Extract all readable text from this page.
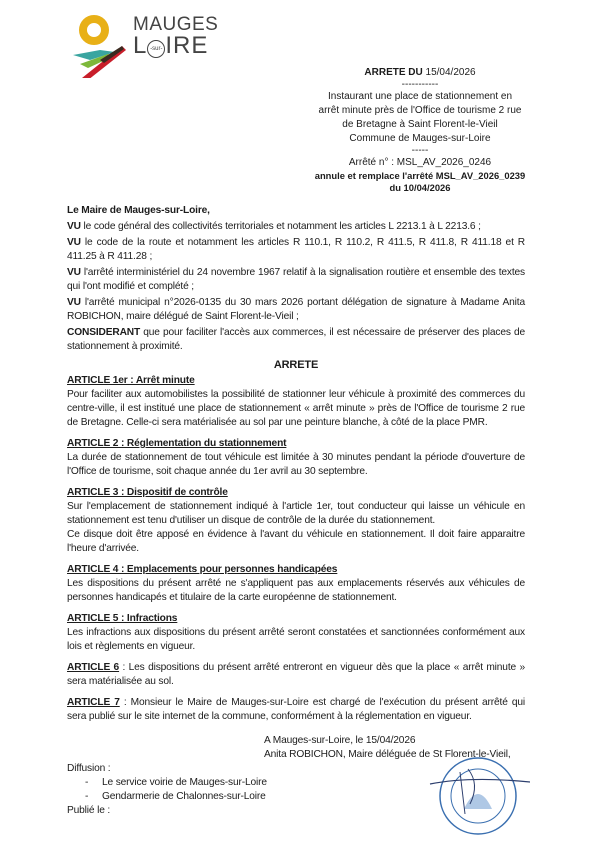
MAUGES
L -sur- IRE
ARRETE DU 15/04/2026
-----------
Instaurant une place de stationnement en
arrêt minute près de l'Office de tourisme 2 rue
de Bretagne à Saint Florent-le-Vieil
Commune de Mauges-sur-Loire
-----
Arrêté n° : MSL_AV_2026_0246
annule et remplace l'arrêté MSL_AV_2026_0239
du 10/04/2026
Le Maire de Mauges-sur-Loire,
VU le code général des collectivités territoriales et notamment les articles L 2213.1 à L 2213.6 ;
VU le code de la route et notamment les articles R 110.1, R 110.2, R 411.5, R 411.8, R 411.18 et R 411.25 à R 411.28 ;
VU l'arrêté interministériel du 24 novembre 1967 relatif à la signalisation routière et ensemble des textes qui l'ont modifié et complété ;
VU l'arrêté municipal n°2026-0135 du 30 mars 2026 portant délégation de signature à Madame Anita ROBICHON, maire délégué de Saint Florent-le-Vieil ;
CONSIDERANT que pour faciliter l'accès aux commerces, il est nécessaire de préserver des places de stationnement à proximité.
ARRETE
ARTICLE 1er : Arrêt minute
Pour faciliter aux automobilistes la possibilité de stationner leur véhicule à proximité des commerces du centre-ville, il est institué une place de stationnement « arrêt minute » près de l'Office de tourisme 2 rue de Bretagne. Celle-ci sera matérialisée au sol par une peinture blanche, à côté de la place PMR.
ARTICLE 2 : Réglementation du stationnement
La durée de stationnement de tout véhicule est limitée à 30 minutes pendant la période d'ouverture de l'Office de tourisme, soit chaque année du 1er avril au 30 septembre.
ARTICLE 3 : Dispositif de contrôle
Sur l'emplacement de stationnement indiqué à l'article 1er, tout conducteur qui laisse un véhicule en stationnement est tenu d'utiliser un disque de contrôle de la durée du stationnement.
Ce disque doit être apposé en évidence à l'avant du véhicule en stationnement. Il doit faire apparaitre l'heure d'arrivée.
ARTICLE 4 : Emplacements pour personnes handicapées
Les dispositions du présent arrêté ne s'appliquent pas aux emplacements réservés aux véhicules de personnes handicapés et titulaire de la carte européenne de stationnement.
ARTICLE 5 : Infractions
Les infractions aux dispositions du présent arrêté seront constatées et sanctionnées conformément aux lois et règlements en vigueur.
ARTICLE 6 : Les dispositions du présent arrêté entreront en vigueur dès que la place « arrêt minute » sera matérialisée au sol.
ARTICLE 7 : Monsieur le Maire de Mauges-sur-Loire est chargé de l'exécution du présent arrêté qui sera publié sur le site internet de la commune, conformément à la réglementation en vigueur.
A Mauges-sur-Loire, le 15/04/2026
Anita ROBICHON, Maire déléguée de St Florent-le-Vieil,
Diffusion :
- Le service voirie de Mauges-sur-Loire
- Gendarmerie de Chalonnes-sur-Loire
Publié le :
